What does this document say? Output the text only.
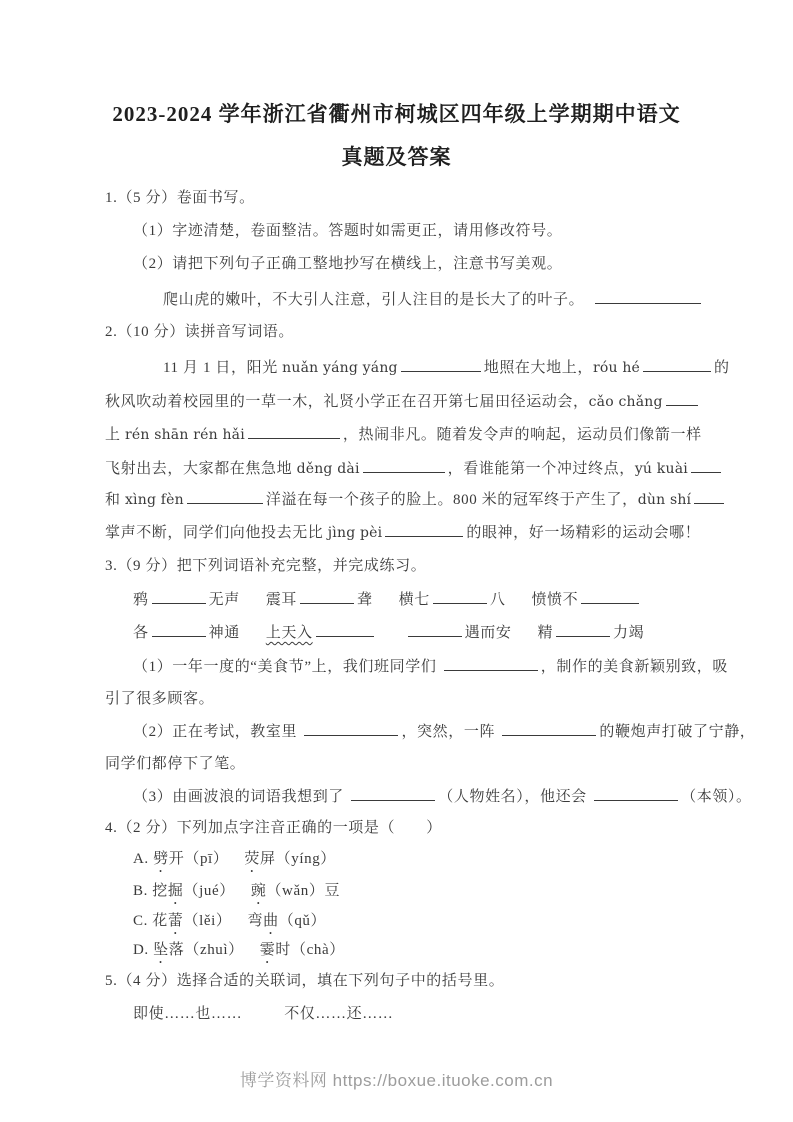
2023-2024 学年浙江省衢州市柯城区四年级上学期期中语文
真题及答案
1.（5 分）卷面书写。
（1）字迹清楚，卷面整洁。答题时如需更正，请用修改符号。
（2）请把下列句子正确工整地抄写在横线上，注意书写美观。
爬山虎的嫩叶，不大引人注意，引人注目的是长大了的叶子。
2.（10 分）读拼音写词语。
11 月 1 日，阳光 nuǎn yáng yáng	地照在大地上，róu hé	的
秋风吹动着校园里的一草一木，礼贤小学正在召开第七届田径运动会，cǎo chǎng
上 rén shān rén hǎi	，热闹非凡。随着发令声的响起，运动员们像箭一样
飞射出去，大家都在焦急地 děng dài	，看谁能第一个冲过终点，yú kuài
和 xìng fèn	洋溢在每一个孩子的脸上。800 米的冠军终于产生了，dùn shí
掌声不断，同学们向他投去无比 jìng pèi	的眼神，好一场精彩的运动会哪！
3.（9 分）把下列词语补充完整，并完成练习。
鸦	无声 震耳	聋 横七	八 愤愤不
各	神通 上天入	遇而安 精	力竭
（1）一年一度的“美食节”上，我们班同学们	，制作的美食新颖别致，吸
引了很多顾客。
（2）正在考试，教室里	，突然，一阵	的鞭炮声打破了宁静，
同学们都停下了笔。
（3）由画波浪的词语我想到了	（人物姓名），他还会	（本领）。
4.（2 分）下列加点字注音正确的一项是（　　）
A. 劈开（pī） 荧屏（yíng）
B. 挖掘（jué） 豌（wǎn）豆
C. 花蕾（lěi） 弯曲（qǔ）
D. 坠落（zhuì） 霎时（chà）
5.（4 分）选择合适的关联词，填在下列句子中的括号里。
即使……也……	不仅……还……
博学资料网 https://boxue.ituoke.com.cn
